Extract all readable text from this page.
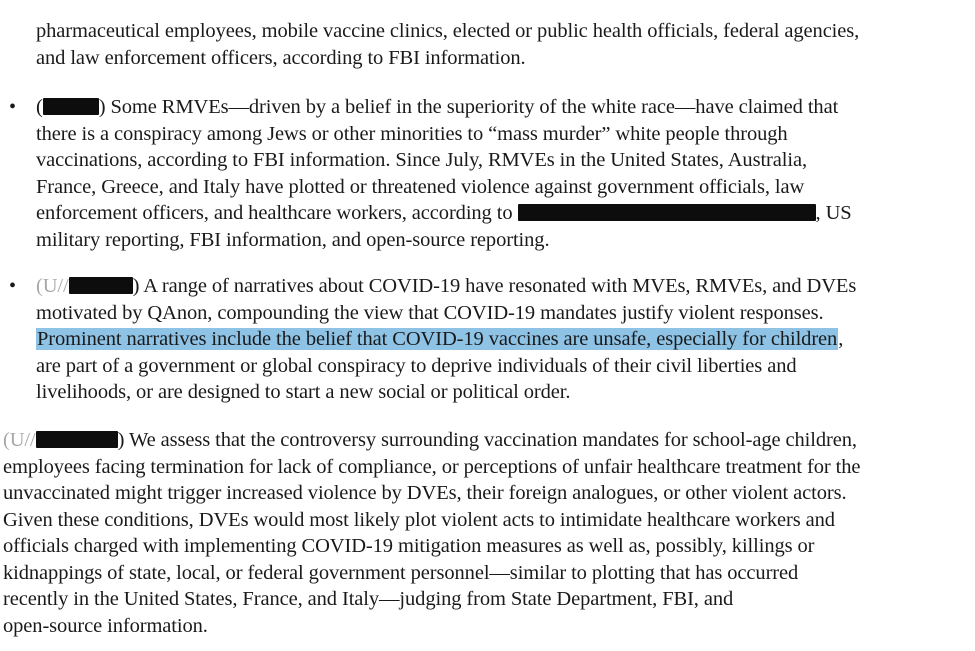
pharmaceutical employees, mobile vaccine clinics, elected or public health officials, federal agencies,
and law enforcement officers, according to FBI information.
• (	) Some RMVEs—driven by a belief in the superiority of the white race—have claimed that
there is a conspiracy among Jews or other minorities to “mass murder” white people through
vaccinations, according to FBI information. Since July, RMVEs in the United States, Australia,
France, Greece, and Italy have plotted or threatened violence against government officials, law
enforcement officers, and healthcare workers, according to	, US
military reporting, FBI information, and open-source reporting.
• (U//	) A range of narratives about COVID-19 have resonated with MVEs, RMVEs, and DVEs
motivated by QAnon, compounding the view that COVID-19 mandates justify violent responses.
Prominent narratives include the belief that COVID-19 vaccines are unsafe, especially for children,
are part of a government or global conspiracy to deprive individuals of their civil liberties and
livelihoods, or are designed to start a new social or political order.
(U//	) We assess that the controversy surrounding vaccination mandates for school-age children,
employees facing termination for lack of compliance, or perceptions of unfair healthcare treatment for the
unvaccinated might trigger increased violence by DVEs, their foreign analogues, or other violent actors.
Given these conditions, DVEs would most likely plot violent acts to intimidate healthcare workers and
officials charged with implementing COVID-19 mitigation measures as well as, possibly, killings or
kidnappings of state, local, or federal government personnel—similar to plotting that has occurred
recently in the United States, France, and Italy—judging from State Department, FBI, and
open-source information.
